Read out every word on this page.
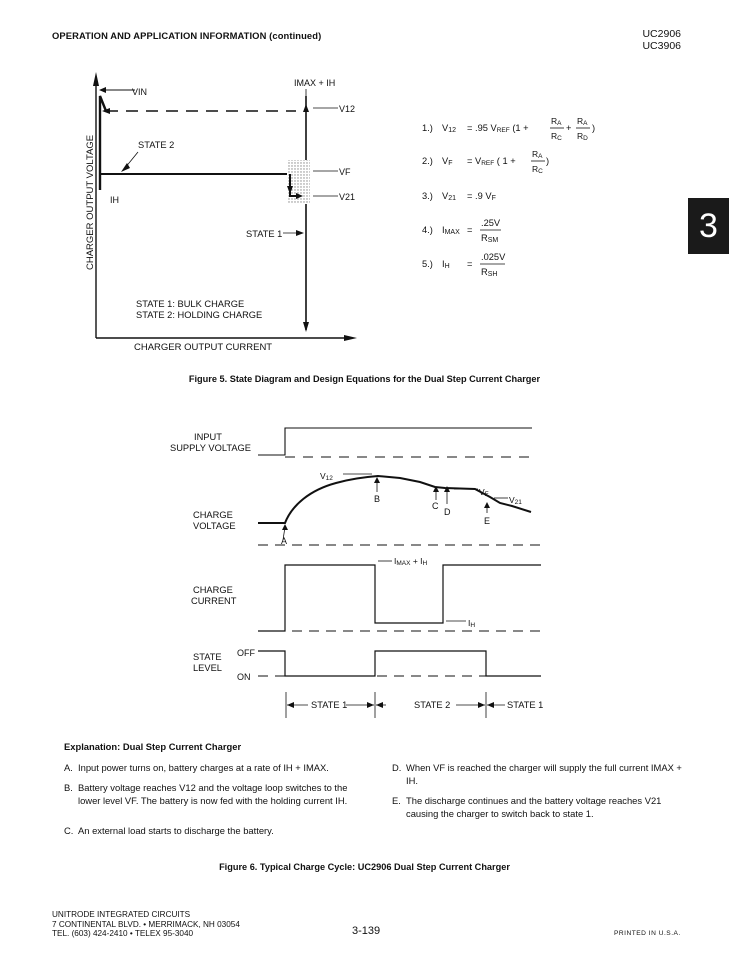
OPERATION AND APPLICATION INFORMATION (continued)	UC2906
UC3906
3
CHARGER OUTPUT VOLTAGE
CHARGER OUTPUT CURRENT
VIN
IMAX + IH
V12
STATE 2
IH
VF
V21
STATE 1
STATE 1: BULK CHARGE
STATE 2: HOLDING CHARGE
1.) V12 = .95 VREF (1 +
RA
RC
+
RA
RD
)
2.) VF = VREF ( 1 +
RA
RC
)
3.) V21 = .9 VF
4.) IMAX =
.25V
RSM
5.) IH =
.025V
RSH
Figure 5. State Diagram and Design Equations for the Dual Step Current Charger
INPUT
SUPPLY VOLTAGE
CHARGE
VOLTAGE
V12
VF
V21
A
B
C
D
E
CHARGE
CURRENT
IMAX + IH
IH
STATE
LEVEL
OFF
ON
STATE 1	STATE 2	STATE 1
Explanation: Dual Step Current Charger
A. Input power turns on, battery charges at a rate of IH + IMAX.
B. Battery voltage reaches V12 and the voltage loop switches to the lower level VF. The battery is now fed with the holding current IH.
C. An external load starts to discharge the battery.
D. When VF is reached the charger will supply the full current IMAX + IH.
E. The discharge continues and the battery voltage reaches V21 causing the charger to switch back to state 1.
Figure 6. Typical Charge Cycle: UC2906 Dual Step Current Charger
UNITRODE INTEGRATED CIRCUITS
7 CONTINENTAL BLVD. • MERRIMACK, NH 03054
TEL. (603) 424-2410 • TELEX 95-3040	3-139	PRINTED IN U.S.A.
